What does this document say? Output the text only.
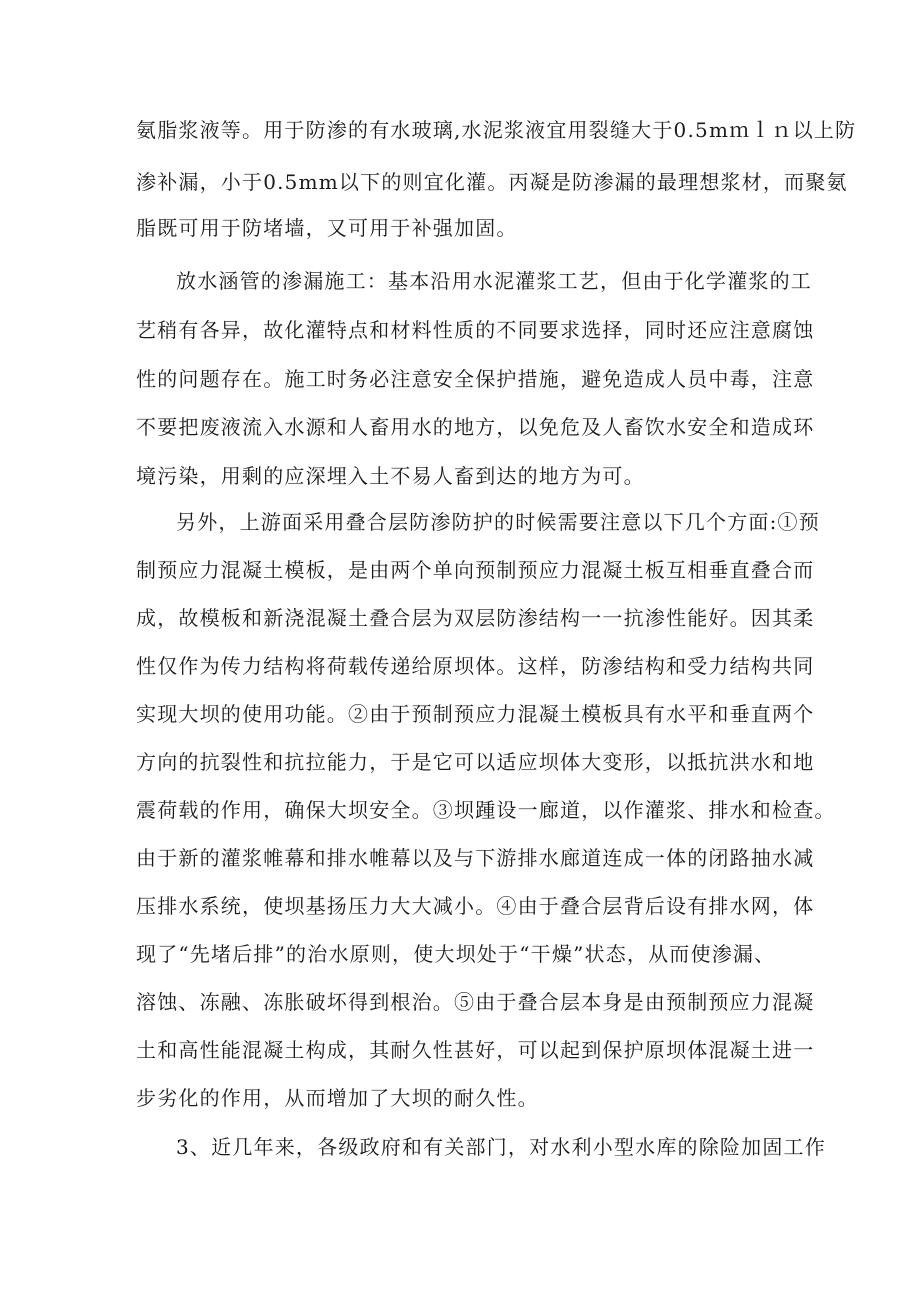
氨脂浆液等。用于防渗的有水玻璃,水泥浆液宜用裂缝大于0.5mｍｌｎ以上防
渗补漏，小于0.5mm以下的则宜化灌。丙凝是防渗漏的最理想浆材，而聚氨
脂既可用于防堵墙，又可用于补强加固。
放水涵管的渗漏施工：基本沿用水泥灌浆工艺，但由于化学灌浆的工
艺稍有各异，故化灌特点和材料性质的不同要求选择，同时还应注意腐蚀
性的问题存在。施工时务必注意安全保护措施，避免造成人员中毒，注意
不要把废液流入水源和人畜用水的地方，以免危及人畜饮水安全和造成环
境污染，用剩的应深埋入土不易人畜到达的地方为可。
另外，上游面采用叠合层防渗防护的时候需要注意以下几个方面:①预
制预应力混凝土模板，是由两个单向预制预应力混凝土板互相垂直叠合而
成，故模板和新浇混凝土叠合层为双层防渗结构一一抗渗性能好。因其柔
性仅作为传力结构将荷载传递给原坝体。这样，防渗结构和受力结构共同
实现大坝的使用功能。②由于预制预应力混凝土模板具有水平和垂直两个
方向的抗裂性和抗拉能力，于是它可以适应坝体大变形，以抵抗洪水和地
震荷载的作用，确保大坝安全。③坝踵设一廊道，以作灌浆、排水和检查。
由于新的灌浆帷幕和排水帷幕以及与下游排水廊道连成一体的闭路抽水减
压排水系统，使坝基扬压力大大减小。④由于叠合层背后设有排水网，体
现了“先堵后排”的治水原则，使大坝处于“干燥”状态，从而使渗漏、
溶蚀、冻融、冻胀破坏得到根治。⑤由于叠合层本身是由预制预应力混凝
土和高性能混凝土构成，其耐久性甚好，可以起到保护原坝体混凝土进一
步劣化的作用，从而增加了大坝的耐久性。
3、近几年来，各级政府和有关部门，对水利小型水库的除险加固工作
